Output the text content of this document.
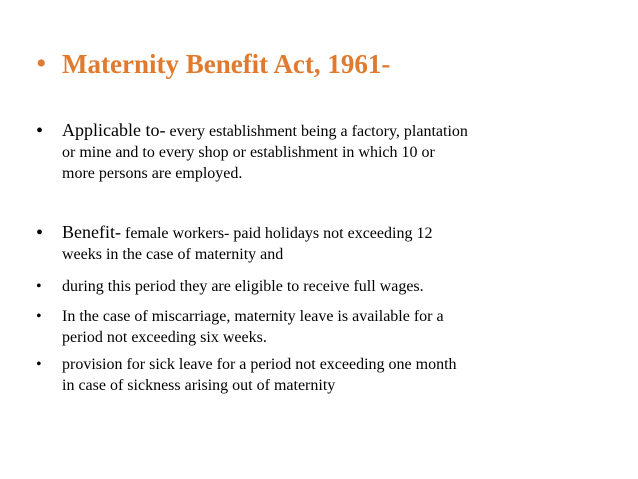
• Maternity Benefit Act, 1961-
•	Applicable to- every establishment being a factory, plantation
or mine and to every shop or establishment in which 10 or
more persons are employed.
•	Benefit- female workers- paid holidays not exceeding 12
weeks in the case of maternity and
•	during this period they are eligible to receive full wages.
•	In the case of miscarriage, maternity leave is available for a
period not exceeding six weeks.
•	provision for sick leave for a period not exceeding one month
in case of sickness arising out of maternity
